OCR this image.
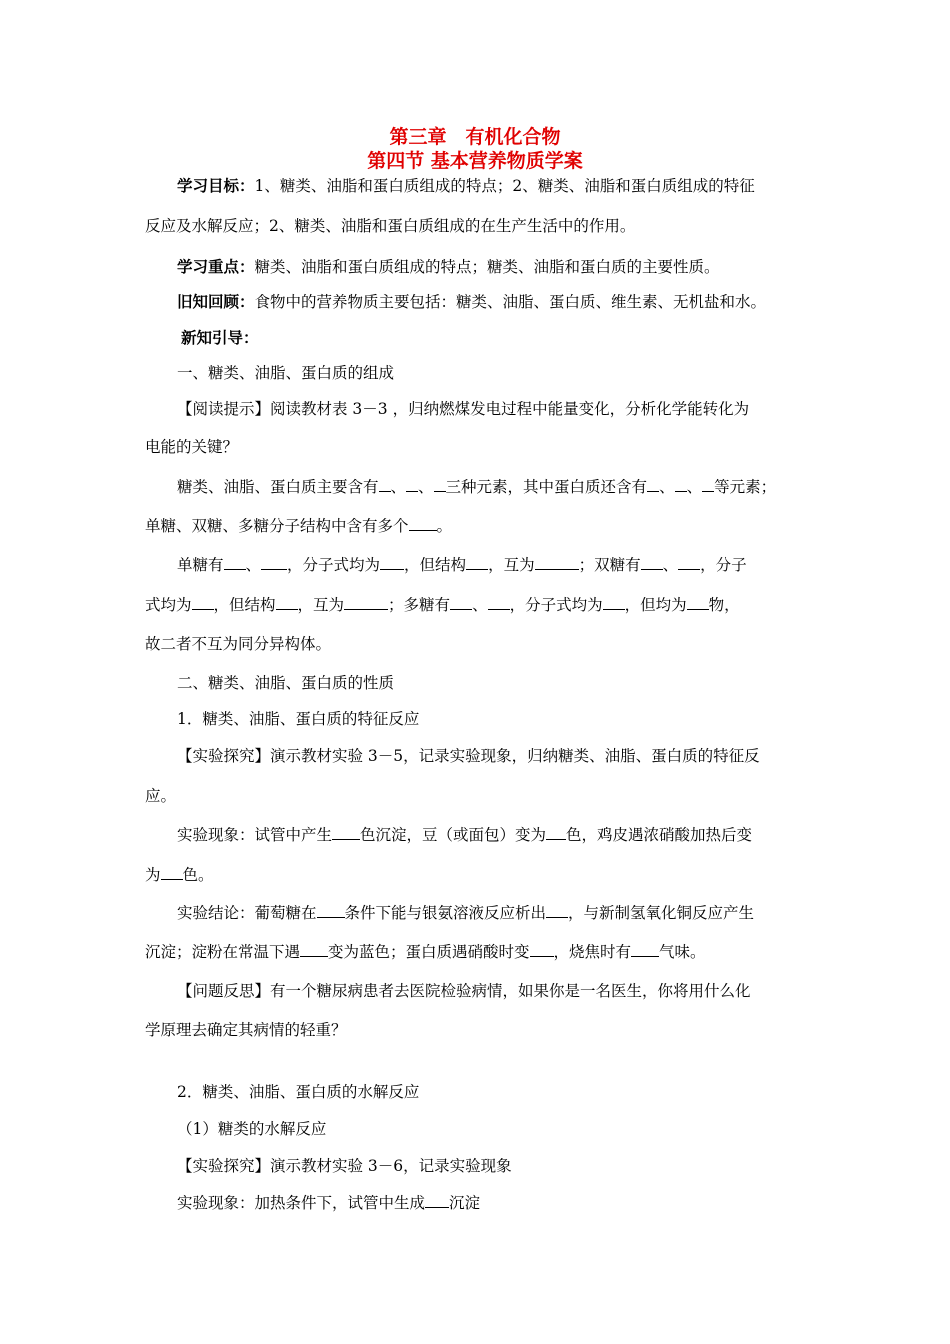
第三章　有机化合物
第四节 基本营养物质学案
学习目标：1、糖类、油脂和蛋白质组成的特点；2、糖类、油脂和蛋白质组成的特征
反应及水解反应；2、糖类、油脂和蛋白质组成的在生产生活中的作用。
学习重点：糖类、油脂和蛋白质组成的特点；糖类、油脂和蛋白质的主要性质。
旧知回顾：食物中的营养物质主要包括：糖类、油脂、蛋白质、维生素、无机盐和水。
新知引导：
一、糖类、油脂、蛋白质的组成
【阅读提示】阅读教材表 3－3 ，归纳燃煤发电过程中能量变化，分析化学能转化为
电能的关键？
糖类、油脂、蛋白质主要含有 、 、 三种元素，其中蛋白质还含有 、 、 等元素；
单糖、双糖、多糖分子结构中含有多个 。
单糖有 、 ，分子式均为 ，但结构 ，互为	；双糖有 、 ，分子
式均为 ，但结构 ，互为	；多糖有 、 ，分子式均为 ，但均为 物，
故二者不互为同分异构体。
二、糖类、油脂、蛋白质的性质
1．糖类、油脂、蛋白质的特征反应
【实验探究】演示教材实验 3－5，记录实验现象，归纳糖类、油脂、蛋白质的特征反
应。
实验现象：试管中产生 色沉淀，豆（或面包）变为 色，鸡皮遇浓硝酸加热后变
为 色。
实验结论：葡萄糖在 条件下能与银氨溶液反应析出 ，与新制氢氧化铜反应产生
沉淀；淀粉在常温下遇 变为蓝色；蛋白质遇硝酸时变 ，烧焦时有 气味。
【问题反思】有一个糖尿病患者去医院检验病情，如果你是一名医生，你将用什么化
学原理去确定其病情的轻重？
2．糖类、油脂、蛋白质的水解反应
（1）糖类的水解反应
【实验探究】演示教材实验 3－6，记录实验现象
实验现象：加热条件下，试管中生成 沉淀
